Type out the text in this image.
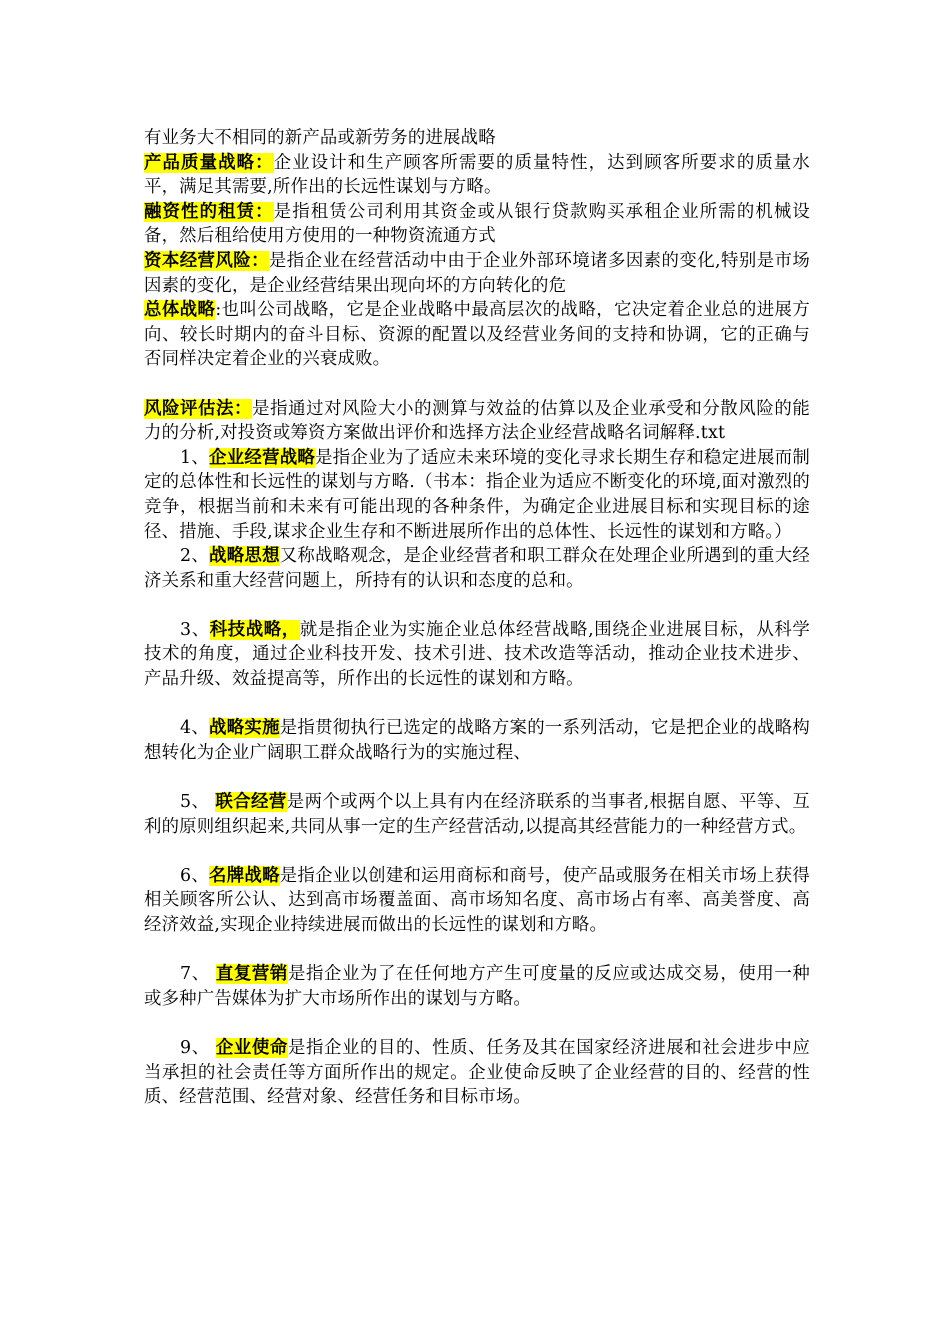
有业务大不相同的新产品或新劳务的进展战略

产品质量战略：企业设计和生产顾客所需要的质量特性，达到顾客所要求的质量水平，满足其需要,所作出的长远性谋划与方略。

融资性的租赁：是指租赁公司利用其资金或从银行贷款购买承租企业所需的机械设备，然后租给使用方使用的一种物资流通方式

资本经营风险：是指企业在经营活动中由于企业外部环境诸多因素的变化,特别是市场因素的变化，是企业经营结果出现向坏的方向转化的危

总体战略:也叫公司战略，它是企业战略中最高层次的战略，它决定着企业总的进展方向、较长时期内的奋斗目标、资源的配置以及经营业务间的支持和协调，它的正确与否同样决定着企业的兴衰成败。

风险评估法：是指通过对风险大小的测算与效益的估算以及企业承受和分散风险的能力的分析,对投资或筹资方案做出评价和选择方法企业经营战略名词解释.txt

1、企业经营战略是指企业为了适应未来环境的变化寻求长期生存和稳定进展而制定的总体性和长远性的谋划与方略.（书本：指企业为适应不断变化的环境,面对激烈的竞争，根据当前和未来有可能出现的各种条件，为确定企业进展目标和实现目标的途径、措施、手段,谋求企业生存和不断进展所作出的总体性、长远性的谋划和方略。）

2、战略思想又称战略观念，是企业经营者和职工群众在处理企业所遇到的重大经济关系和重大经营问题上，所持有的认识和态度的总和。

3、科技战略，就是指企业为实施企业总体经营战略,围绕企业进展目标，从科学技术的角度，通过企业科技开发、技术引进、技术改造等活动，推动企业技术进步、产品升级、效益提高等，所作出的长远性的谋划和方略。

4、战略实施是指贯彻执行已选定的战略方案的一系列活动，它是把企业的战略构想转化为企业广阔职工群众战略行为的实施过程、

5、 联合经营是两个或两个以上具有内在经济联系的当事者,根据自愿、平等、互利的原则组织起来,共同从事一定的生产经营活动,以提高其经营能力的一种经营方式。

6、名牌战略是指企业以创建和运用商标和商号，使产品或服务在相关市场上获得相关顾客所公认、达到高市场覆盖面、高市场知名度、高市场占有率、高美誉度、高经济效益,实现企业持续进展而做出的长远性的谋划和方略。

7、 直复营销是指企业为了在任何地方产生可度量的反应或达成交易，使用一种或多种广告媒体为扩大市场所作出的谋划与方略。

9、 企业使命是指企业的目的、性质、任务及其在国家经济进展和社会进步中应当承担的社会责任等方面所作出的规定。企业使命反映了企业经营的目的、经营的性质、经营范围、经营对象、经营任务和目标市场。
